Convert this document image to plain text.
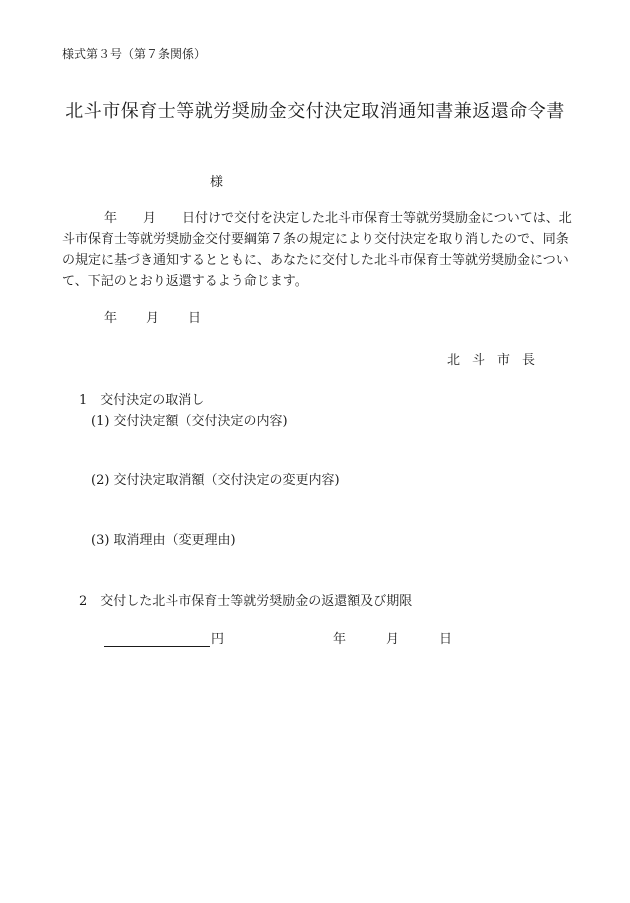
様式第３号（第７条関係）
北斗市保育士等就労奨励金交付決定取消通知書兼返還命令書
様

年　　月　　日付けで交付を決定した北斗市保育士等就労奨励金については、北斗市保育士等就労奨励金交付要綱第７条の規定により交付決定を取り消したので、同条の規定に基づき通知するとともに、あなたに交付した北斗市保育士等就労奨励金について、下記のとおり返還するよう命じます。

年 月 日
北斗市長
1　交付決定の取消し
(1) 交付決定額（交付決定の内容)
(2) 交付決定取消額（交付決定の変更内容)
(3) 取消理由（変更理由)
2　交付した北斗市保育士等就労奨励金の返還額及び期限
円	年	月	日
